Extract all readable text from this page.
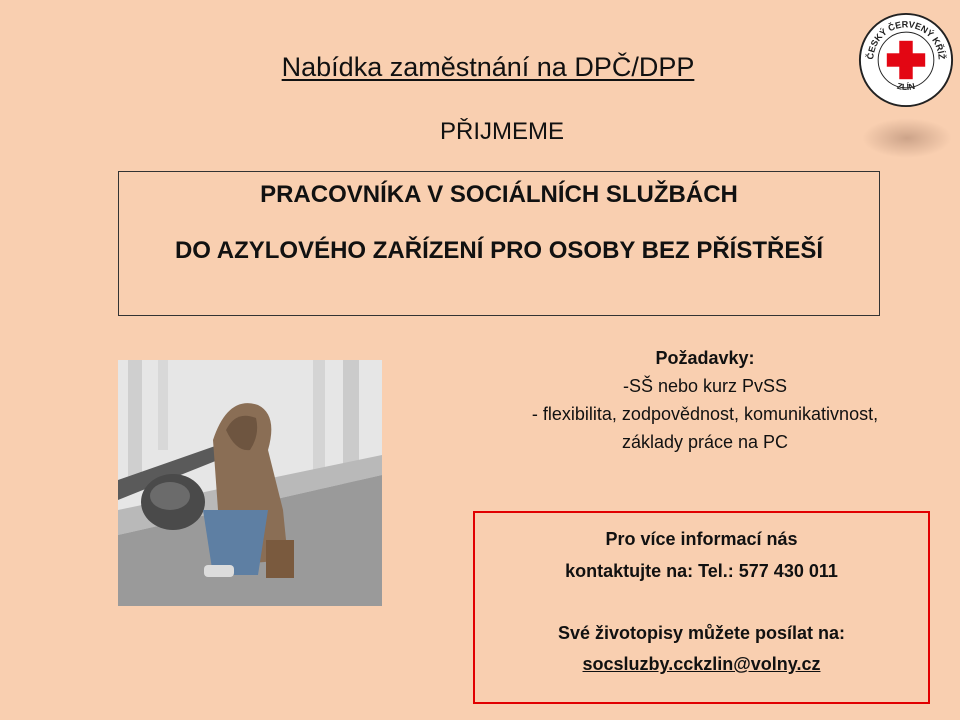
Nabídka zaměstnání na DPČ/DPP
PŘIJMEME
PRACOVNÍKA V SOCIÁLNÍCH SLUŽBÁCH
DO AZYLOVÉHO ZAŘÍZENÍ PRO OSOBY BEZ PŘÍSTŘEŠÍ
ČESKÝ ČERVENÝ KŘÍŽ
ZLÍN
Požadavky:
-SŠ nebo kurz PvSS
- flexibilita, zodpovědnost, komunikativnost,
základy práce na PC
Pro více informací nás
kontaktujte na: Tel.: 577 430 011
Své životopisy můžete posílat na:
socsluzby.cckzlin@volny.cz
